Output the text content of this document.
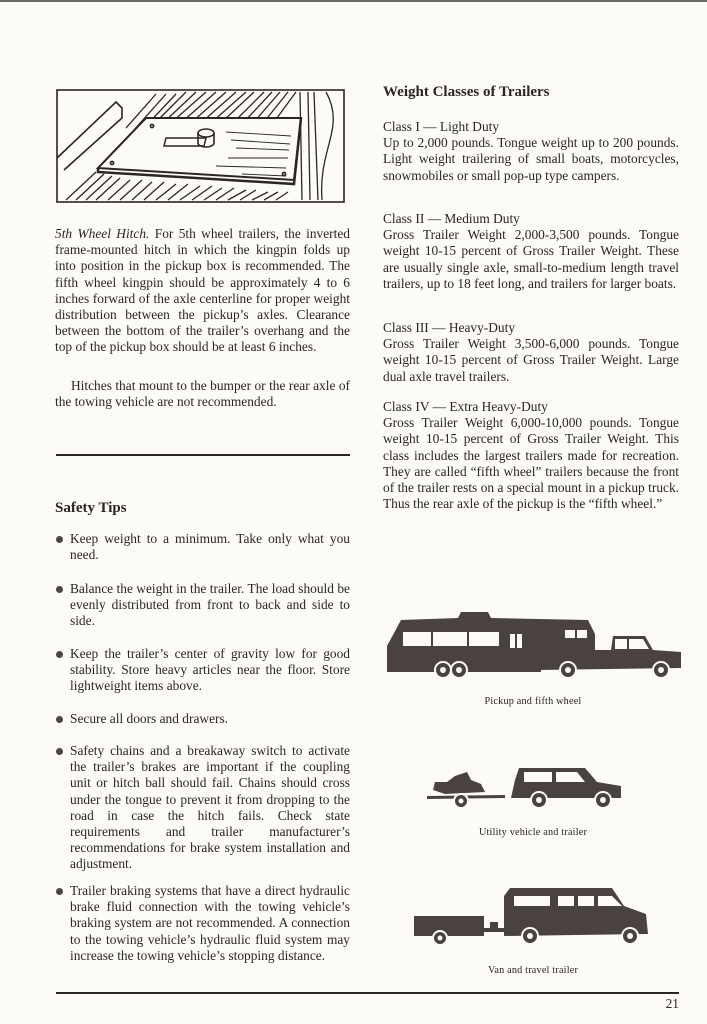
5th Wheel Hitch. For 5th wheel trailers, the inverted frame-mounted hitch in which the kingpin folds up into position in the pickup box is recommended. The fifth wheel kingpin should be approximately 4 to 6 inches forward of the axle centerline for proper weight distribution between the pickup’s axles. Clearance between the bottom of the trailer’s overhang and the top of the pickup box should be at least 6 inches.

Hitches that mount to the bumper or the rear axle of the towing vehicle are not recommended.

Safety Tips
Keep weight to a minimum. Take only what you need.
Balance the weight in the trailer. The load should be evenly distributed from front to back and side to side.
Keep the trailer’s center of gravity low for good stability. Store heavy articles near the floor. Store lightweight items above.
Secure all doors and drawers.
Safety chains and a breakaway switch to activate the trailer’s brakes are important if the coupling unit or hitch ball should fail. Chains should cross under the tongue to prevent it from dropping to the road in case the hitch fails. Check state requirements and trailer manufacturer’s recommendations for brake system installation and adjustment.
Trailer braking systems that have a direct hydraulic brake fluid connection with the towing vehicle’s braking system are not recommended. A connection to the towing vehicle’s hydraulic fluid system may increase the towing vehicle’s stopping distance.
Weight Classes of Trailers

Class I — Light Duty

Up to 2,000 pounds. Tongue weight up to 200 pounds. Light weight trailering of small boats, motorcycles, snowmobiles or small pop-up type campers.

Class II — Medium Duty

Gross Trailer Weight 2,000-3,500 pounds. Tongue weight 10-15 percent of Gross Trailer Weight. These are usually single axle, small-to-medium length travel trailers, up to 18 feet long, and trailers for larger boats.

Class III — Heavy-Duty

Gross Trailer Weight 3,500-6,000 pounds. Tongue weight 10-15 percent of Gross Trailer Weight. Large dual axle travel trailers.

Class IV — Extra Heavy-Duty

Gross Trailer Weight 6,000-10,000 pounds. Tongue weight 10-15 percent of Gross Trailer Weight. This class includes the largest trailers made for recreation. They are called “fifth wheel” trailers because the front of the trailer rests on a special mount in a pickup truck. Thus the rear axle of the pickup is the “fifth wheel.”

Pickup and fifth wheel
Utility vehicle and trailer
Van and travel trailer
21
